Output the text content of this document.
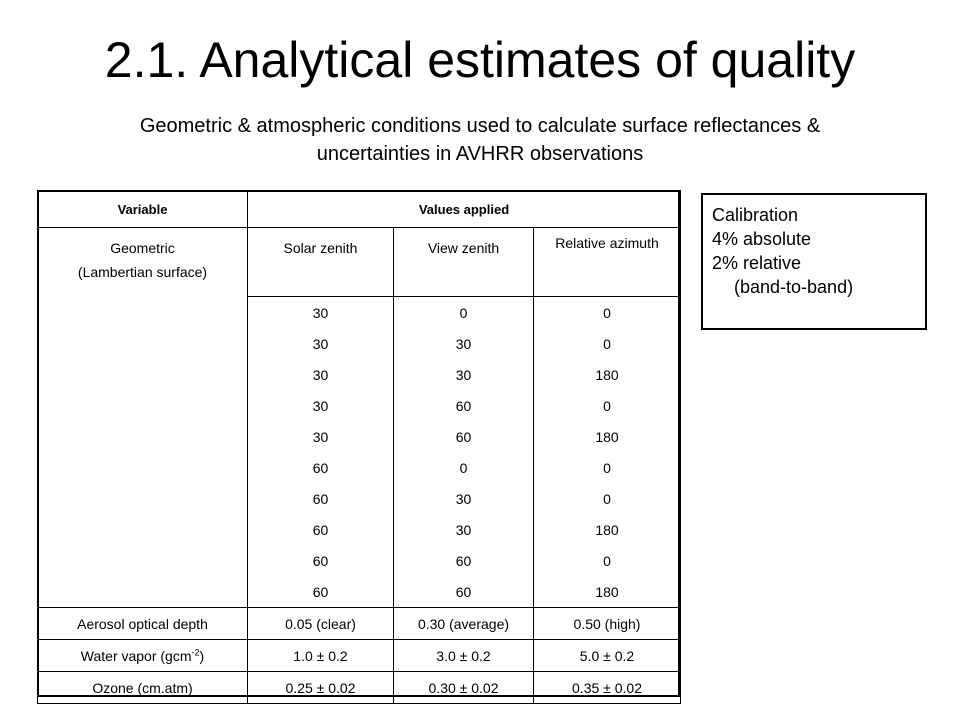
2.1. Analytical estimates of quality
Geometric & atmospheric conditions used to calculate surface reflectances &
uncertainties in AVHRR observations
Variable	Values applied		

Geometric
(Lambertian surface)	Solar zenith	View zenith	Relative azimuth
	30	0	0
	30	30	0
	30	30	180
	30	60	0
	30	60	180
	60	0	0
	60	30	0
	60	30	180
	60	60	0
	60	60	180
Aerosol optical depth	0.05 (clear)	0.30 (average)	0.50 (high)
Water vapor (gcm$^{-2}$)	1.0 ± 0.2	3.0 ± 0.2	5.0 ± 0.2
Ozone (cm.atm)	0.25 ± 0.02	0.30 ± 0.02	0.35 ± 0.02
Calibration
4% absolute
2% relative
(band-to-band)
